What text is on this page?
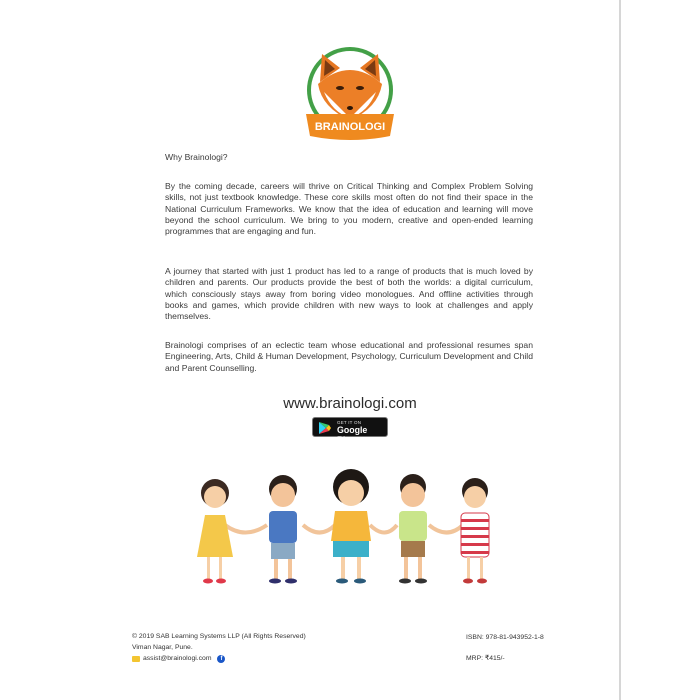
BRAINOLOGI
Why Brainologi?
By the coming decade, careers will thrive on Critical Thinking and Complex Problem Solving skills, not just textbook knowledge. These core skills most often do not find their space in the National Curriculum Frameworks. We know that the idea of education and learning will move beyond the school curriculum. We bring to you modern, creative and open-ended learning programmes that are engaging and fun.
A journey that started with just 1 product has led to a range of products that is much loved by children and parents. Our products provide the best of both the worlds: a digital curriculum, which consciously stays away from boring video monologues. And offline activities through books and games, which provide children with new ways to look at challenges and apply themselves.
Brainologi comprises of an eclectic team whose educational and professional resumes span Engineering, Arts, Child & Human Development, Psychology, Curriculum Development and Child and Parent Counselling.
www.brainologi.com
GET IT ON
Google Play
© 2019 SAB Learning Systems LLP (All Rights Reserved)
Viman Nagar, Pune.
assist@brainologi.com	f
ISBN: 978-81-943952-1-8
MRP: ₹415/-
